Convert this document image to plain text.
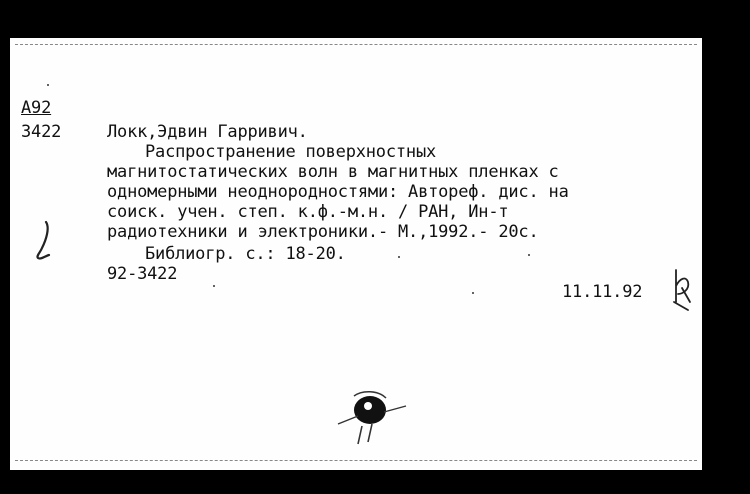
A92
3422	Локк,Эдвин Гарривич.
Распространение поверхностных
магнитостатических волн в магнитных пленках с
одномерными неоднородностями: Автореф. дис. на
соиск. учен. степ. к.ф.-м.н. / РАН, Ин-т
радиотехники и электроники.- М.,1992.- 20с.
Библиогр. с.: 18-20.
92-3422
11.11.92
